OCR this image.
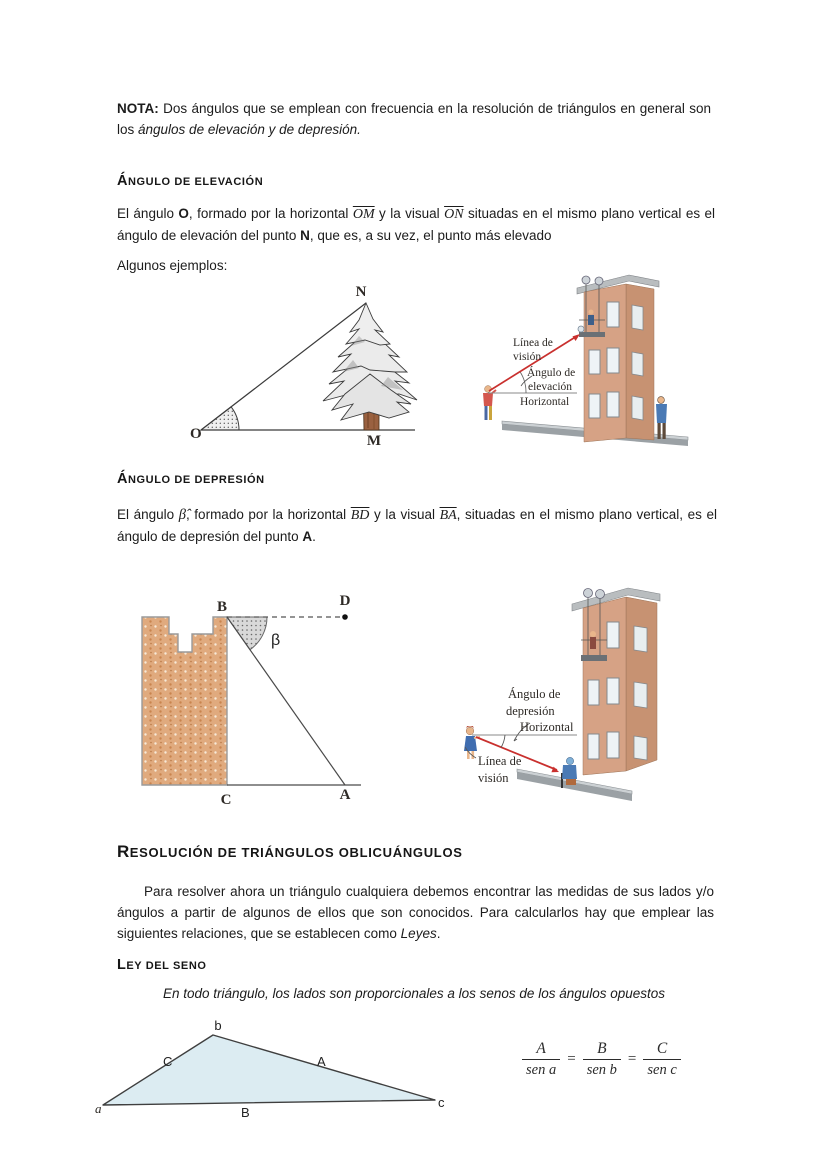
NOTA: Dos ángulos que se emplean con frecuencia en la resolución de triángulos en general son los ángulos de elevación y de depresión.
ÁNGULO DE ELEVACIÓN
El ángulo O, formado por la horizontal $\overline{OM}$ y la visual $\overline{ON}$ situadas en el mismo plano vertical es el ángulo de elevación del punto N, que es, a su vez, el punto más elevado
Algunos ejemplos:
N
O	M
Línea de
visión
Ángulo de
elevación
Horizontal
ÁNGULO DE DEPRESIÓN
El ángulo β̂, formado por la horizontal $\overline{BD}$ y la visual $\overline{BA}$, situadas en el mismo plano vertical, es el ángulo de depresión del punto A.
B	D
β
C	A
Ángulo de
depresión
Horizontal
Línea de
visión
RESOLUCIÓN DE TRIÁNGULOS OBLICUÁNGULOS
Para resolver ahora un triángulo cualquiera debemos encontrar las medidas de sus lados y/o ángulos a partir de algunos de ellos que son conocidos. Para calcularlos hay que emplear las siguientes relaciones, que se establecen como Leyes.
LEY DEL SENO
En todo triángulo, los lados son proporcionales a los senos de los ángulos opuestos
b
C	A
a	c
B
$\frac{A}{\text{sen a}} = \frac{B}{\text{sen b}} = \frac{C}{\text{sen c}}$
